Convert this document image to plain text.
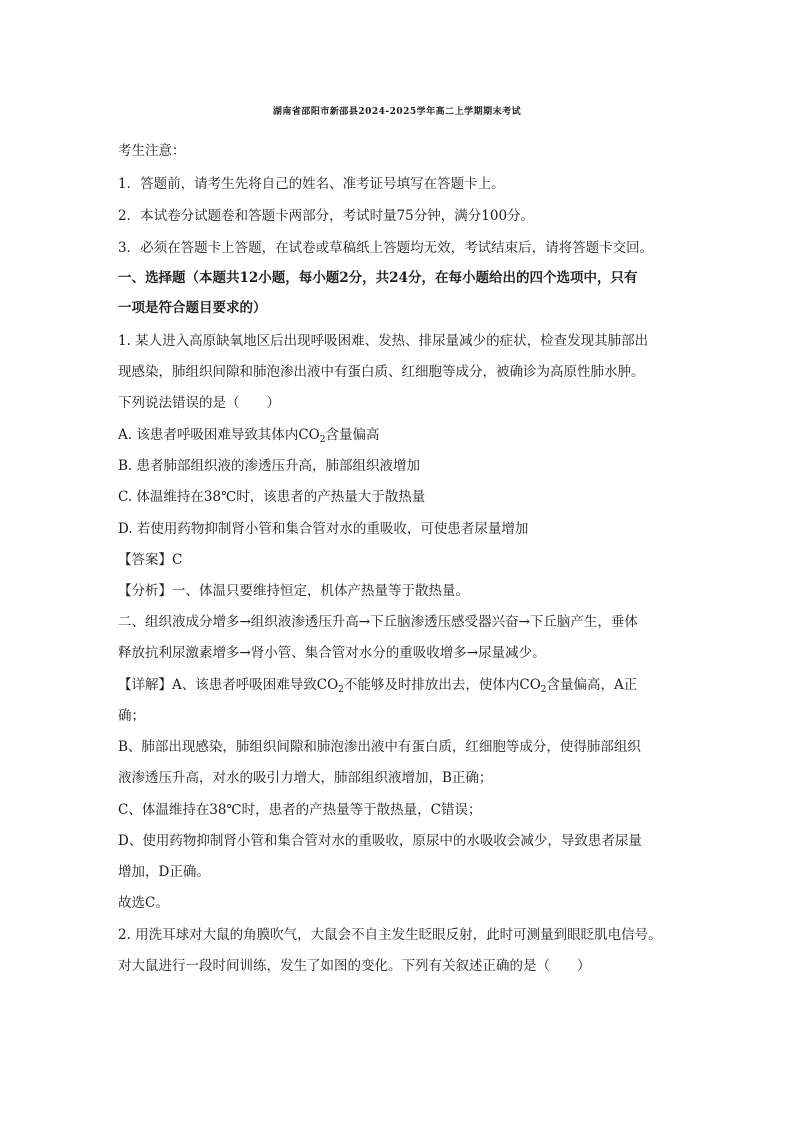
湖南省邵阳市新邵县2024-2025学年高二上学期期末考试
考生注意：
1．答题前，请考生先将自己的姓名、准考证号填写在答题卡上。
2．本试卷分试题卷和答题卡两部分，考试时量75分钟，满分100分。
3．必须在答题卡上答题，在试卷或草稿纸上答题均无效，考试结束后，请将答题卡交回。
一、选择题（本题共12小题，每小题2分，共24分，在每小题给出的四个选项中，只有
一项是符合题目要求的）
1. 某人进入高原缺氧地区后出现呼吸困难、发热、排尿量减少的症状，检查发现其肺部出
现感染，肺组织间隙和肺泡渗出液中有蛋白质、红细胞等成分，被确诊为高原性肺水肿。
下列说法错误的是（　　）
A. 该患者呼吸困难导致其体内$CO_2$含量偏高
B. 患者肺部组织液的渗透压升高，肺部组织液增加
C. 体温维持在38℃时，该患者的产热量大于散热量
D. 若使用药物抑制肾小管和集合管对水的重吸收，可使患者尿量增加
【答案】C
【分析】一、体温只要维持恒定，机体产热量等于散热量。
二、组织液成分增多→组织液渗透压升高→下丘脑渗透压感受器兴奋→下丘脑产生，垂体
释放抗利尿激素增多→肾小管、集合管对水分的重吸收增多→尿量减少。
【详解】A、该患者呼吸困难导致$CO_2$不能够及时排放出去，使体内$CO_2$含量偏高，A正
确；
B、肺部出现感染，肺组织间隙和肺泡渗出液中有蛋白质，红细胞等成分，使得肺部组织
液渗透压升高，对水的吸引力增大，肺部组织液增加，B正确；
C、体温维持在38℃时，患者的产热量等于散热量，C错误；
D、使用药物抑制肾小管和集合管对水的重吸收，原尿中的水吸收会减少，导致患者尿量
增加，D正确。
故选C。
2. 用洗耳球对大鼠的角膜吹气，大鼠会不自主发生眨眼反射，此时可测量到眼眨肌电信号。
对大鼠进行一段时间训练，发生了如图的变化。下列有关叙述正确的是（　　）
